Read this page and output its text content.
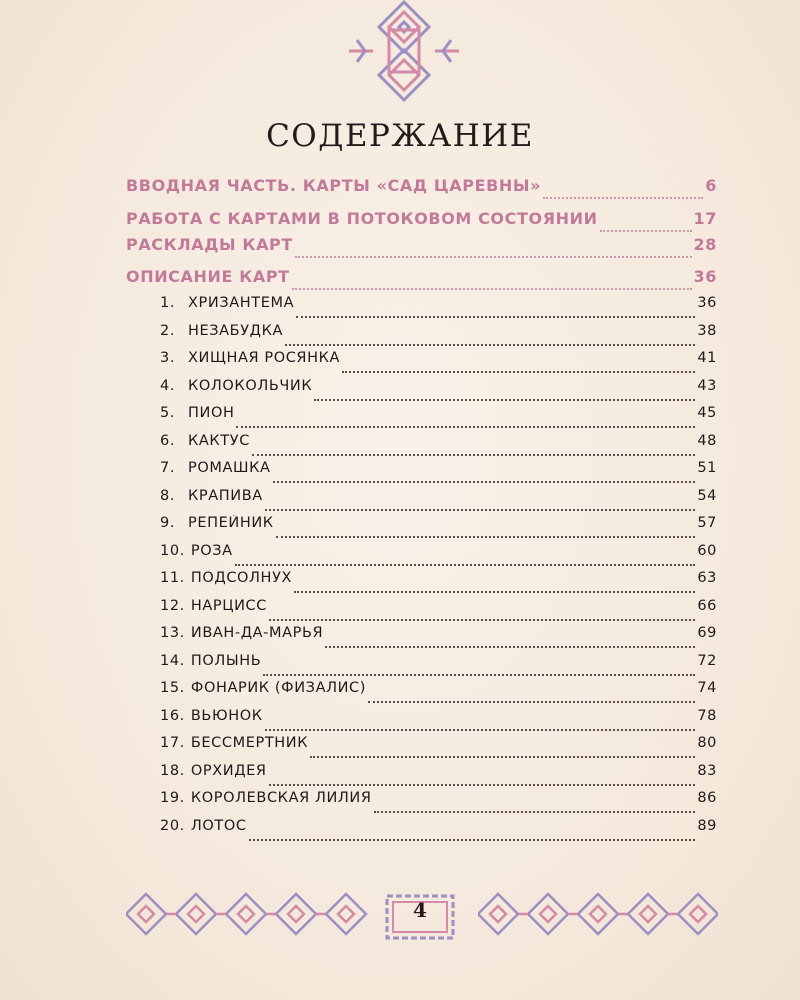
СОДЕРЖАНИЕ
ВВОДНАЯ ЧАСТЬ. КАРТЫ «САД ЦАРЕВНЫ»	6
РАБОТА С КАРТАМИ В ПОТОКОВОМ СОСТОЯНИИ	17
РАСКЛАДЫ КАРТ	28
ОПИСАНИЕ КАРТ	36
1. ХРИЗАНТЕМА	36
2. НЕЗАБУДКА	38
3. ХИЩНАЯ РОСЯНКА	41
4. КОЛОКОЛЬЧИК	43
5. ПИОН	45
6. КАКТУС	48
7. РОМАШКА	51
8. КРАПИВА	54
9. РЕПЕЙНИК	57
10. РОЗА	60
11. ПОДСОЛНУХ	63
12. НАРЦИСС	66
13. ИВАН-ДА-МАРЬЯ	69
14. ПОЛЫНЬ	72
15. ФОНАРИК (ФИЗАЛИС)	74
16. ВЬЮНОК	78
17. БЕССМЕРТНИК	80
18. ОРХИДЕЯ	83
19. КОРОЛЕВСКАЯ ЛИЛИЯ	86
20. ЛОТОС	89
4
